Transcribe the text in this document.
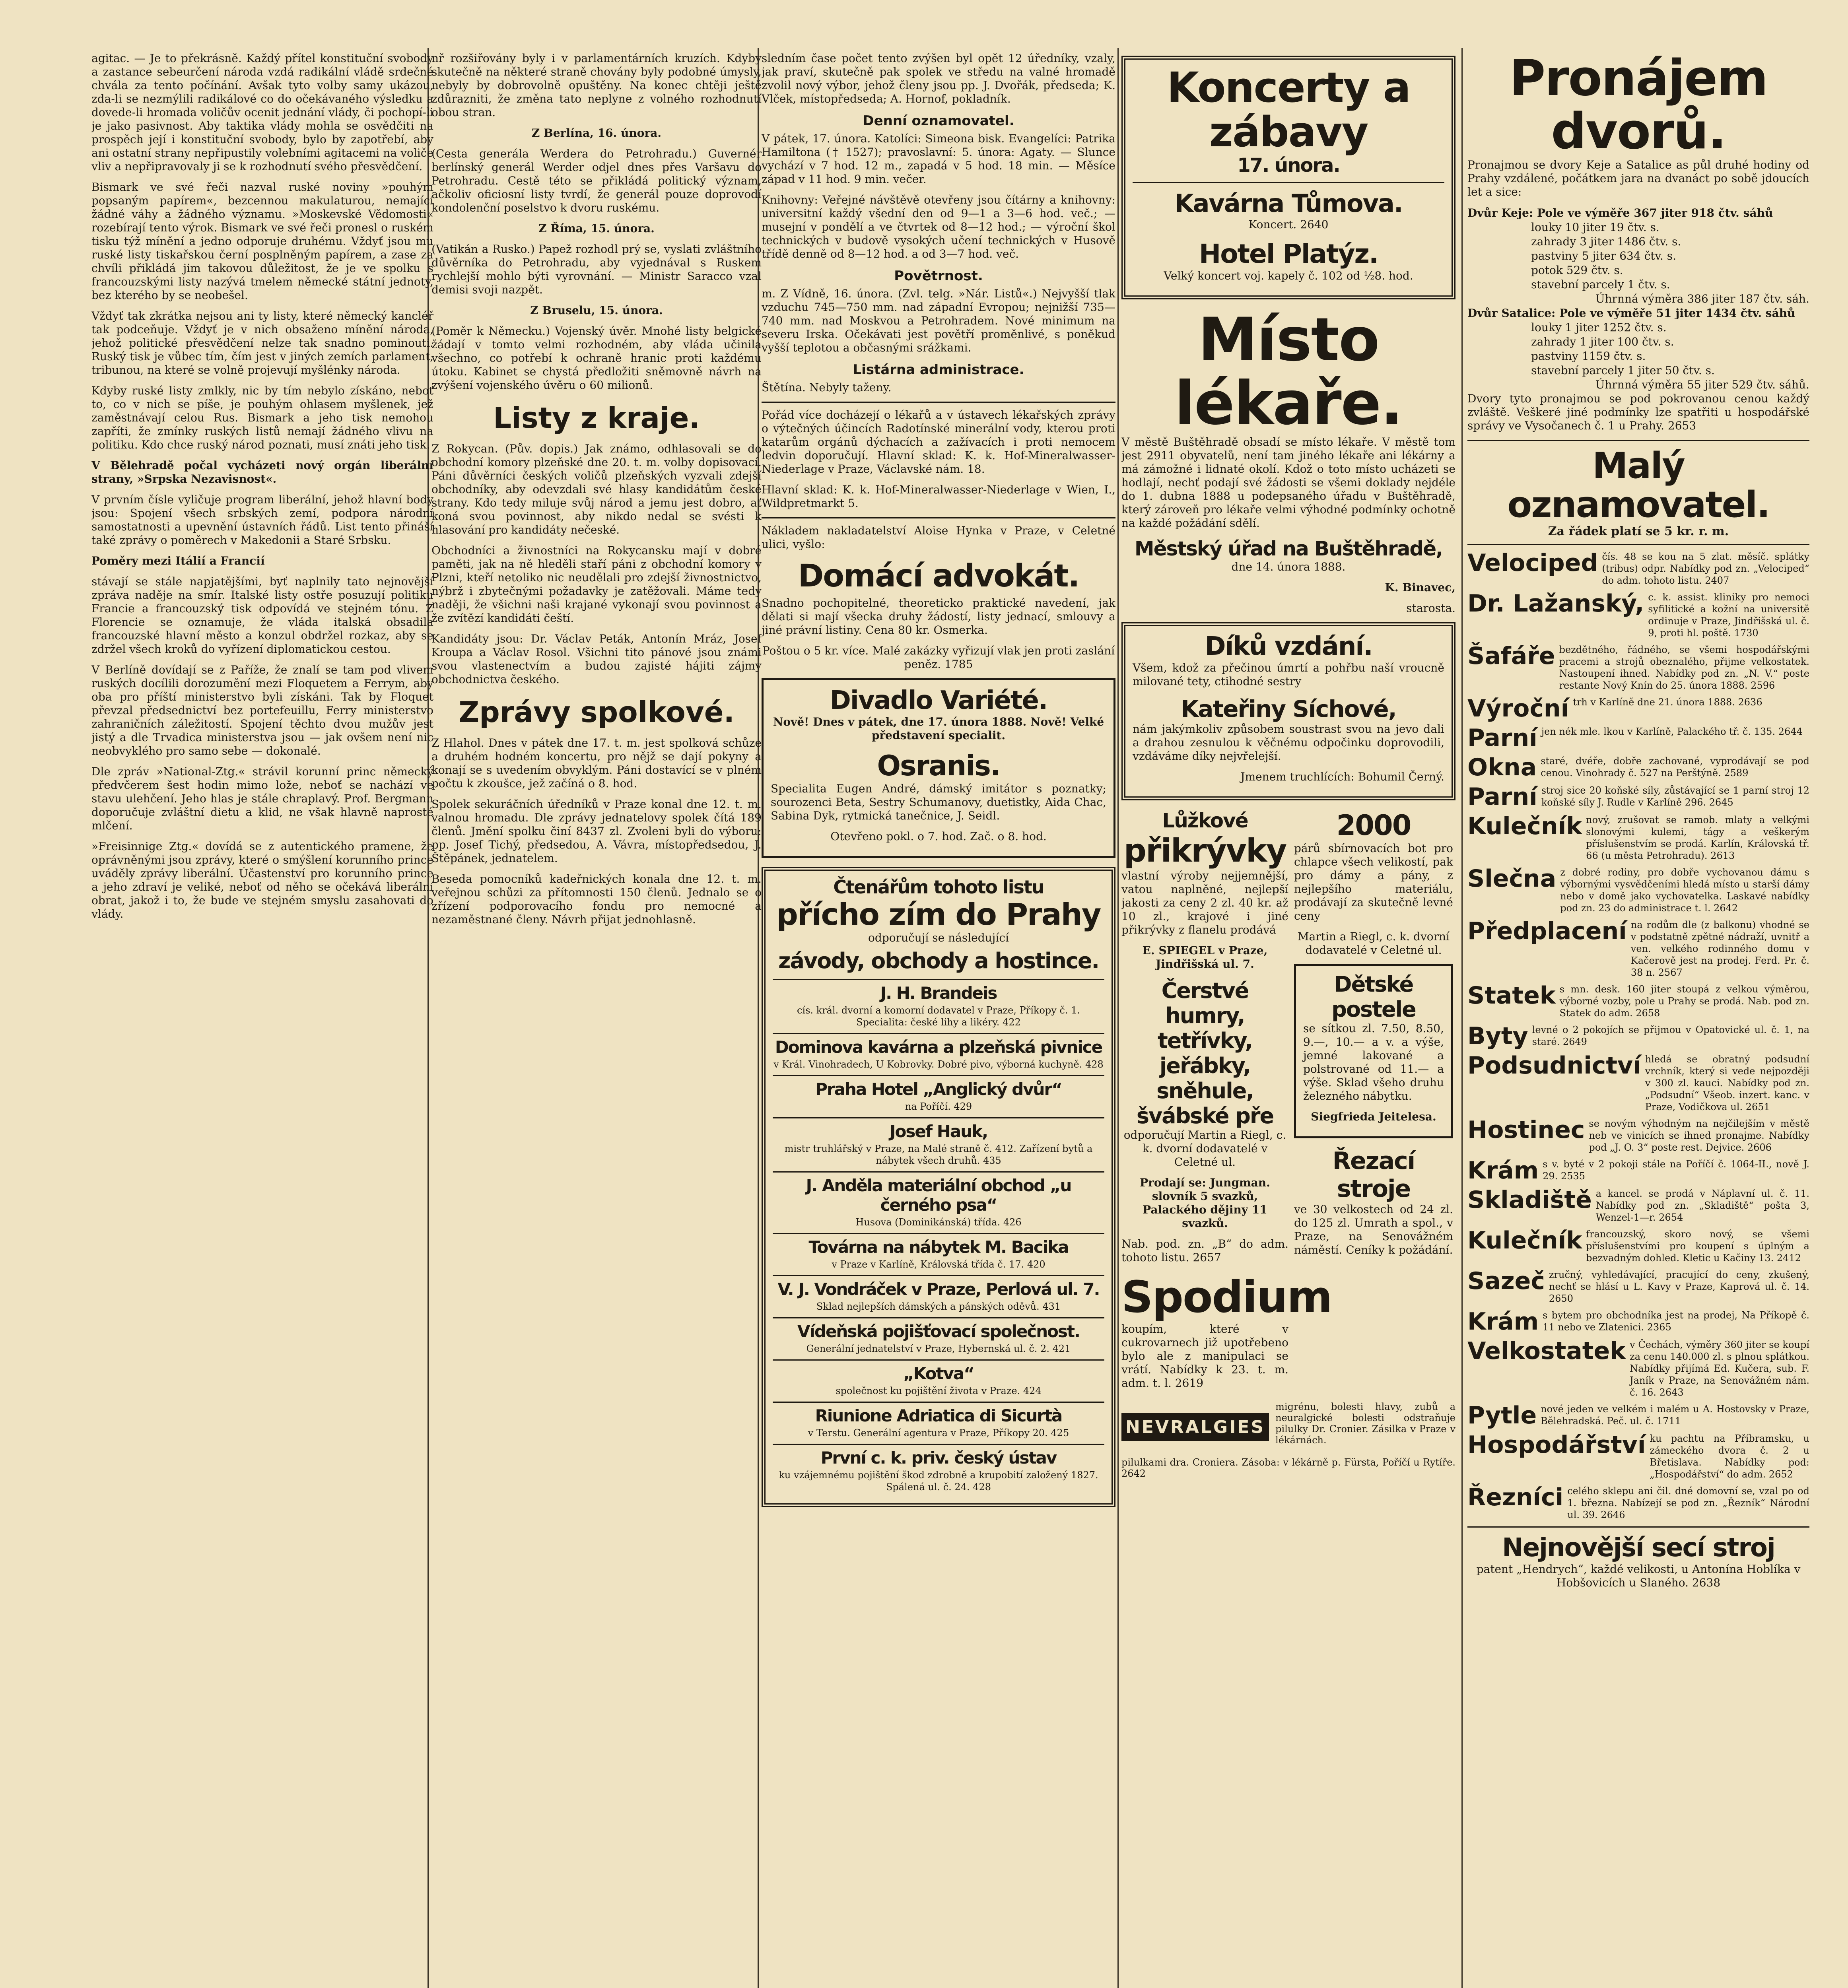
agitac. — Je to překrásně. Každý přítel konstituční svobody a zastance sebeurčení národa vzdá radikální vládě srdečné chvála za tento počínání. Avšak tyto volby samy ukázou, zda-li se nezmýlili radikálové co do očekávaného výsledku a dovede-li hromada voličův ocenit jednání vlády, či pochopí-li je jako pasivnost. Aby taktika vlády mohla se osvědčiti na prospěch její i konstituční svobody, bylo by zapotřebí, aby ani ostatní strany nepřipustily volebními agitacemi na voliče vliv a nepřipravovaly ji se k rozhodnutí svého přesvědčení.

Bismark ve své řeči nazval ruské noviny »pouhým popsaným papírem«, bezcennou makulaturou, nemající žádné váhy a žádného významu. »Moskevské Vědomosti« rozebírají tento výrok. Bismark ve své řeči pronesl o ruském tisku týž mínění a jedno odporuje druhému. Vždyť jsou mu ruské listy tiskařskou černí posplněným papírem, a zase za chvíli přikládá jim takovou důležitost, že je ve spolku s francouzskými listy nazývá tmelem německé státní jednoty, bez kterého by se neobešel.

Vždyť tak zkrátka nejsou ani ty listy, které německý kancléř tak podceňuje. Vždyť je v nich obsaženo mínění národa, jehož politické přesvědčení nelze tak snadno pominouti. Ruský tisk je vůbec tím, čím jest v jiných zemích parlament, tribunou, na které se volně projevují myšlénky národa.

Kdyby ruské listy zmlkly, nic by tím nebylo získáno, neboť to, co v nich se píše, je pouhým ohlasem myšlenek, jež zaměstnávají celou Rus. Bismark a jeho tisk nemohou zapříti, že zmínky ruských listů nemají žádného vlivu na politiku. Kdo chce ruský národ poznati, musí znáti jeho tisk.

V Bělehradě počal vycházeti nový orgán liberální strany, »Srpska Nezavisnost«.

V prvním čísle vyličuje program liberální, jehož hlavní body jsou: Spojení všech srbských zemí, podpora národní samostatnosti a upevnění ústavních řádů. List tento přináší také zprávy o poměrech v Makedonii a Staré Srbsku.

Poměry mezi Itálií a Francií

stávají se stále napjatějšími, byť naplnily tato nejnovější zpráva naděje na smír. Italské listy ostře posuzují politiku Francie a francouzský tisk odpovídá ve stejném tónu. Z Florencie se oznamuje, že vláda italská obsadila francouzské hlavní město a konzul obdržel rozkaz, aby se zdržel všech kroků do vyřízení diplomatickou cestou.

V Berlíně dovídají se z Paříže, že znalí se tam pod vlivem ruských docílili dorozumění mezi Floquetem a Ferrym, aby oba pro příští ministerstvo byli získáni. Tak by Floquet převzal předsednictví bez portefeuillu, Ferry ministerstvo zahraničních záležitostí. Spojení těchto dvou mužův jest jistý a dle Trvadica ministerstva jsou — jak ovšem není nic neobvyklého pro samo sebe — dokonalé.

Dle zpráv »National-Ztg.« strávil korunní princ německý předvčerem šest hodin mimo lože, neboť se nachází ve stavu ulehčení. Jeho hlas je stále chraplavý. Prof. Bergmann doporučuje zvláštní dietu a klid, ne však hlavně naprosté mlčení.

»Freisinnige Ztg.« dovídá se z autentického pramene, že oprávněnými jsou zprávy, které o smýšlení korunního prince uváděly zprávy liberální. Účastenství pro korunního prince a jeho zdraví je veliké, neboť od něho se očekává liberální obrat, jakož i to, že bude ve stejném smyslu zasahovati do vlády.

nř rozšiřovány byly i v parlamentárních kruzích. Kdyby skutečně na některé straně chovány byly podobné úmysly, nebyly by dobrovolně opuštěny. Na konec chtěji ještě zdůrazniti, že změna tato neplyne z volného rozhodnutí obou stran.

Z Berlína, 16. února.

(Cesta generála Werdera do Petrohradu.) Guvernér berlínský generál Werder odjel dnes přes Varšavu do Petrohradu. Cestě této se přikládá politický význam, ačkoliv oficiosní listy tvrdí, že generál pouze doprovodí kondolenční poselstvo k dvoru ruskému.

Z Říma, 15. února.

(Vatikán a Rusko.) Papež rozhodl prý se, vyslati zvláštního důvěrníka do Petrohradu, aby vyjednával s Ruskem rychlejší mohlo býti vyrovnání. — Ministr Saracco vzal demisi svoji nazpět.

Z Bruselu, 15. února.

(Poměr k Německu.) Vojenský úvěr. Mnohé listy belgické žádají v tomto velmi rozhodném, aby vláda učinila všechno, co potřebí k ochraně hranic proti každému útoku. Kabinet se chystá předložiti sněmovně návrh na zvýšení vojenského úvěru o 60 milionů.

Listy z kraje.

Z Rokycan. (Pův. dopis.) Jak známo, odhlasovali se do obchodní komory plzeňské dne 20. t. m. volby dopisovací. Páni důvěrníci českých voličů plzeňských vyzvali zdejší obchodníky, aby odevzdali své hlasy kandidátům české strany. Kdo tedy miluje svůj národ a jemu jest dobro, ať koná svou povinnost, aby nikdo nedal se svésti k hlasování pro kandidáty nečeské.

Obchodníci a živnostníci na Rokycansku mají v dobré paměti, jak na ně hleděli staří páni z obchodní komory v Plzni, kteří netoliko nic neudělali pro zdejší živnostnictvo, nýbrž i zbytečnými požadavky je zatěžovali. Máme tedy naději, že všichni naši krajané vykonají svou povinnost a že zvítězí kandidáti čeští.

Kandidáty jsou: Dr. Václav Peták, Antonín Mráz, Josef Kroupa a Václav Rosol. Všichni tito pánové jsou známi svou vlastenectvím a budou zajisté hájiti zájmy obchodnictva českého.

Zprávy spolkové.

Z Hlahol. Dnes v pátek dne 17. t. m. jest spolková schůze a druhém hodném koncertu, pro nějž se dají pokyny a konají se s uvedením obvyklým. Páni dostavící se v plném počtu k zkoušce, jež začíná o 8. hod.

Spolek sekuráčních úředníků v Praze konal dne 12. t. m. valnou hromadu. Dle zprávy jednatelovy spolek čítá 189 členů. Jmění spolku činí 8437 zl. Zvoleni byli do výboru: pp. Josef Tichý, předsedou, A. Vávra, místopředsedou, J. Štěpánek, jednatelem.

Beseda pomocníků kadeřnických konala dne 12. t. m. veřejnou schůzi za přítomnosti 150 členů. Jednalo se o zřízení podporovacího fondu pro nemocné a nezaměstnané členy. Návrh přijat jednohlasně.

sledním čase počet tento zvýšen byl opět 12 úředníky, vzaly, jak praví, skutečně pak spolek ve středu na valné hromadě zvolil nový výbor, jehož členy jsou pp. J. Dvořák, předseda; K. Vlček, místopředseda; A. Hornof, pokladník.

Denní oznamovatel.

V pátek, 17. února. Katolíci: Simeona bisk. Evangelíci: Patrika Hamiltona († 1527); pravoslavní: 5. února: Agaty. — Slunce vychází v 7 hod. 12 m., zapadá v 5 hod. 18 min. — Měsíce západ v 11 hod. 9 min. večer.

Knihovny: Veřejné návštěvě otevřeny jsou čítárny a knihovny: universitní každý všední den od 9—1 a 3—6 hod. več.; — musejní v pondělí a ve čtvrtek od 8—12 hod.; — výroční škol technických v budově vysokých učení technických v Husově třídě denně od 8—12 hod. a od 3—7 hod. več.

Povětrnost.

m. Z Vídně, 16. února. (Zvl. telg. »Nár. Listů«.) Nejvyšší tlak vzduchu 745—750 mm. nad západní Evropou; nejnižší 735—740 mm. nad Moskvou a Petrohradem. Nové minimum na severu Irska. Očekávati jest povětří proměnlivé, s poněkud vyšší teplotou a občasnými srážkami.

Listárna administrace.

Štětína. Nebyly taženy.

Pořád více docházejí o lékařů a v ústavech lékařských zprávy o výtečných účincích Radotínské minerální vody, kterou proti katarům orgánů dýchacích a zažívacích i proti nemocem ledvin doporučují. Hlavní sklad: K. k. Hof-Mineralwasser-Niederlage v Praze, Václavské nám. 18.

Hlavní sklad: K. k. Hof-Mineralwasser-Niederlage v Wien, I., Wildpretmarkt 5.

Nákladem nakladatelství Aloise Hynka v Praze, v Celetné ulici, vyšlo:

Domácí advokát.

Snadno pochopitelné, theoreticko praktické navedení, jak dělati si mají všecka druhy žádostí, listy jednací, smlouvy a jiné právní listiny. Cena 80 kr. Osmerka.

Poštou o 5 kr. více. Malé zakázky vyřizují vlak jen proti zaslání peněz. 1785

Divadlo Variété.

Nově! Dnes v pátek, dne 17. února 1888. Nově! Velké představení specialit.

Osranis.

Specialita Eugen André, dámský imitátor s poznatky; sourozenci Beta, Sestry Schumanovy, duetistky, Aida Chac, Sabina Dyk, rytmická tanečnice, J. Seidl.

Otevřeno pokl. o 7. hod. Zač. o 8. hod.

Čtenářům tohoto listu
přícho zím do Prahy
odporučují se následující
závody, obchody a hostince.
J. H. Brandeis

cís. král. dvorní a komorní dodavatel v Praze, Příkopy č. 1. Specialita: české lihy a likéry. 422

Dominova kavárna a plzeňská pivnice

v Král. Vinohradech, U Kobrovky. Dobré pivo, výborná kuchyně. 428

Praha Hotel „Anglický dvůr“

na Poříčí. 429

Josef Hauk,

mistr truhlářský v Praze, na Malé straně č. 412. Zařízení bytů a nábytek všech druhů. 435

J. Anděla materiální obchod „u černého psa“

Husova (Dominikánská) třída. 426

Továrna na nábytek M. Bacika

v Praze v Karlíně, Královská třída č. 17. 420

V. J. Vondráček v Praze, Perlová ul. 7.

Sklad nejlepších dámských a pánských oděvů. 431

Vídeňská pojišťovací společnost.

Generální jednatelství v Praze, Hybernská ul. č. 2. 421

„Kotva“

společnost ku pojištění života v Praze. 424

Riunione Adriatica di Sicurtà

v Terstu. Generální agentura v Praze, Příkopy 20. 425

První c. k. priv. český ústav

ku vzájemnému pojištění škod zdrobně a krupobití založený 1827. Spálená ul. č. 24. 428

Koncerty a zábavy
17. února.
Kavárna Tůmova.

Koncert. 2640

Hotel Platýz.

Velký koncert voj. kapely č. 102 od ½8. hod.

Místo lékaře.

V městě Buštěhradě obsadí se místo lékaře. V městě tom jest 2911 obyvatelů, není tam jiného lékaře ani lékárny a má zámožné i lidnaté okolí. Kdož o toto místo ucházeti se hodlají, nechť podají své žádosti se všemi doklady nejdéle do 1. dubna 1888 u podepsaného úřadu v Buštěhradě, který zároveň pro lékaře velmi výhodné podmínky ochotně na každé požádání sdělí.

Městský úřad na Buštěhradě,

dne 14. února 1888.

K. Binavec,

starosta.

Díků vzdání.

Všem, kdož za přečinou úmrtí a pohřbu naší vroucně milované tety, ctihodné sestry

Kateřiny Síchové,

nám jakýmkoliv způsobem soustrast svou na jevo dali a drahou zesnulou k věčnému odpočinku doprovodili, vzdáváme díky nejvřelejší.

Jmenem truchlících: Bohumil Černý.

Lůžkové
přikrývky

vlastní výroby nejjemnější, vatou naplněné, nejlepší jakosti za ceny 2 zl. 40 kr. až 10 zl., krajové i jiné přikrývky z flanelu prodává

E. SPIEGEL v Praze, Jindřišská ul. 7.

Čerstvé humry, tetřívky, jeřábky, sněhule, švábské pře

odporučují Martin a Riegl, c. k. dvorní dodavatelé v Celetné ul.

Prodají se: Jungman. slovník 5 svazků, Palackého dějiny 11 svazků.

Nab. pod. zn. „B“ do adm. tohoto listu. 2657

Spodium

koupím, které v cukrovarnech již upotřebeno bylo ale z manipulaci se vrátí. Nabídky k 23. t. m. adm. t. l. 2619

2000

párů sbírnovacích bot pro chlapce všech velikostí, pak pro dámy a pány, z nejlepšího materiálu, prodávají za skutečně levné ceny

Martin a Riegl, c. k. dvorní dodavatelé v Celetné ul.

Dětské postele

se sítkou zl. 7.50, 8.50, 9.—, 10.— a v. a výše, jemné lakované a polstrované od 11.— a výše. Sklad všeho druhu železného nábytku.

Siegfrieda Jeitelesa.

Řezací stroje

ve 30 velkostech od 24 zl. do 125 zl. Umrath a spol., v Praze, na Senovážném náměstí. Ceníky k požádání.

NEVRALGIES

migrénu, bolesti hlavy, zubů a neuralgické bolesti odstraňuje pilulky Dr. Cronier. Zásilka v Praze v lékárnách.

pilulkami dra. Croniera. Zásoba: v lékárně p. Fürsta, Poříčí u Rytíře. 2642

Pronájem dvorů.

Pronajmou se dvory Keje a Satalice as půl druhé hodiny od Prahy vzdálené, počátkem jara na dvanáct po sobě jdoucích let a sice:

Dvůr Keje: Pole ve výměře 367 jiter 918 čtv. sáhů
louky 10 jiter 19 čtv. s.
zahrady 3 jiter 1486 čtv. s.
pastviny 5 jiter 634 čtv. s.
potok 529 čtv. s.
stavební parcely 1 čtv. s.
Úhrnná výměra 386 jiter 187 čtv. sáh.
Dvůr Satalice: Pole ve výměře 51 jiter 1434 čtv. sáhů
louky 1 jiter 1252 čtv. s.
zahrady 1 jiter 100 čtv. s.
pastviny 1159 čtv. s.
stavební parcely 1 jiter 50 čtv. s.
Úhrnná výměra 55 jiter 529 čtv. sáhů.

Dvory tyto pronajmou se pod pokrovanou cenou každý zvláště. Veškeré jiné podmínky lze spatřiti u hospodářské správy ve Vysočanech č. 1 u Prahy. 2653

Malý oznamovatel.
Za řádek platí se 5 kr. r. m.
Velociped čís. 48 se kou na 5 zlat. měsíč. splátky (tribus) odpr. Nabídky pod zn. „Velociped“ do adm. tohoto listu. 2407
Dr. Lažanský, c. k. assist. kliniky pro nemoci syfilitické a kožní na universitě ordinuje v Praze, Jindřišská ul. č. 9, proti hl. poště. 1730
Šafáře bezdětného, řádného, se všemi hospodářskými pracemi a strojů obeznalého, přijme velkostatek. Nastoupení ihned. Nabídky pod zn. „N. V.“ poste restante Nový Knín do 25. února 1888. 2596
Výroční trh v Karlíně dne 21. února 1888. 2636
Parní jen nék mle. lkou v Karlíně, Palackého tř. č. 135. 2644
Okna staré, dvéře, dobře zachované, vyprodávají se pod cenou. Vinohrady č. 527 na Perštýně. 2589
Parní stroj sice 20 koňské síly, zůstávající se 1 parní stroj 12 koňské síly J. Rudle v Karlíně 296. 2645
Kulečník nový, zrušovat se ramob. mlaty a velkými slonovými kulemi, tágy a veškerým příslušenstvím se prodá. Karlín, Královská tř. 66 (u města Petrohradu). 2613
Slečna z dobré rodiny, pro dobře vychovanou dámu s výbornými vysvědčeními hledá místo u starší dámy nebo v domě jako vychovatelka. Laskavé nabídky pod zn. 23 do administrace t. l. 2642
Předplacení na rodům dle (z balkonu) vhodné se v podstatně zpětné nádraží, uvnitř a ven. velkého rodinného domu v Kačerově jest na prodej. Ferd. Pr. č. 38 n. 2567
Statek s mn. desk. 160 jiter stoupá z velkou výměrou, výborné vozby, pole u Prahy se prodá. Nab. pod zn. Statek do adm. 2658
Byty levné o 2 pokojích se přijmou v Opatovické ul. č. 1, na staré. 2649
Podsudnictví hledá se obratný podsudní vrchník, který si vede nejpozději v 300 zl. kauci. Nabídky pod zn. „Podsudní“ Všeob. inzert. kanc. v Praze, Vodičkova ul. 2651
Hostinec se novým výhodným na nejčilejším v městě neb ve vinicích se ihned pronajme. Nabídky pod „J. O. 3“ poste rest. Dejvice. 2606
Krám s v. byté v 2 pokoji stále na Poříčí č. 1064-II., nově J. 29. 2535
Skladiště a kancel. se prodá v Náplavní ul. č. 11. Nabídky pod zn. „Skladiště“ pošta 3, Wenzel-1—r. 2654
Kulečník francouzský, skoro nový, se všemi příslušenstvími pro koupení s úplným a bezvadným dohled. Kletic u Kačiny 13. 2412
Sazeč zručný, vyhledávající, pracující do ceny, zkušený, nechť se hlásí u L. Kavy v Praze, Kaprová ul. č. 14. 2650
Krám s bytem pro obchodníka jest na prodej, Na Příkopě č. 11 nebo ve Zlatenici. 2365
Velkostatek v Čechách, výměry 360 jiter se koupí za cenu 140.000 zl. s plnou splátkou. Nabídky přijímá Ed. Kučera, sub. F. Janík v Praze, na Senovážném nám. č. 16. 2643
Pytle nové jeden ve velkém i malém u A. Hostovsky v Praze, Bělehradská. Peč. ul. č. 1711
Hospodářství ku pachtu na Příbramsku, u zámeckého dvora č. 2 u Břetislava. Nabídky pod: „Hospodářství“ do adm. 2652
Řezníci celého sklepu ani čil. dné domovní se, vzal po od 1. března. Nabízejí se pod zn. „Řezník“ Národní ul. 39. 2646
Nejnovější secí stroj

patent „Hendrych“, každé velikosti, u Antonína Hoblíka v Hobšovicích u Slaného. 2638
